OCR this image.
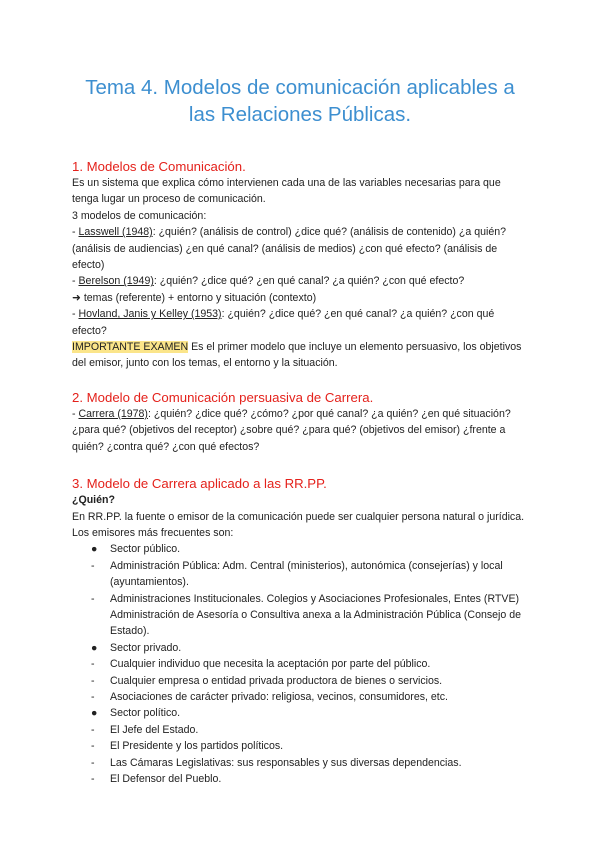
Tema 4. Modelos de comunicación aplicables a
las Relaciones Públicas.
1. Modelos de Comunicación.

Es un sistema que explica cómo intervienen cada una de las variables necesarias para que tenga lugar un proceso de comunicación.

3 modelos de comunicación:

- Lasswell (1948): ¿quién? (análisis de control) ¿dice qué? (análisis de contenido) ¿a quién? (análisis de audiencias) ¿en qué canal? (análisis de medios) ¿con qué efecto? (análisis de efecto)

- Berelson (1949): ¿quién? ¿dice qué? ¿en qué canal? ¿a quién? ¿con qué efecto?

➜ temas (referente) + entorno y situación (contexto)

- Hovland, Janis y Kelley (1953): ¿quién? ¿dice qué? ¿en qué canal? ¿a quién? ¿con qué efecto?

IMPORTANTE EXAMEN Es el primer modelo que incluye un elemento persuasivo, los objetivos del emisor, junto con los temas, el entorno y la situación.

2. Modelo de Comunicación persuasiva de Carrera.

- Carrera (1978): ¿quién? ¿dice qué? ¿cómo? ¿por qué canal? ¿a quién? ¿en qué situación? ¿para qué? (objetivos del receptor) ¿sobre qué? ¿para qué? (objetivos del emisor) ¿frente a quién? ¿contra qué? ¿con qué efectos?

3. Modelo de Carrera aplicado a las RR.PP.

¿Quién?

En RR.PP. la fuente o emisor de la comunicación puede ser cualquier persona natural o jurídica. Los emisores más frecuentes son:

●	Sector público.
-	Administración Pública: Adm. Central (ministerios), autonómica (consejerías) y local (ayuntamientos).
-	Administraciones Institucionales. Colegios y Asociaciones Profesionales, Entes (RTVE) Administración de Asesoría o Consultiva anexa a la Administración Pública (Consejo de Estado).
●	Sector privado.
-	Cualquier individuo que necesita la aceptación por parte del público.
-	Cualquier empresa o entidad privada productora de bienes o servicios.
-	Asociaciones de carácter privado: religiosa, vecinos, consumidores, etc.
●	Sector político.
-	El Jefe del Estado.
-	El Presidente y los partidos políticos.
-	Las Cámaras Legislativas: sus responsables y sus diversas dependencias.
-	El Defensor del Pueblo.
